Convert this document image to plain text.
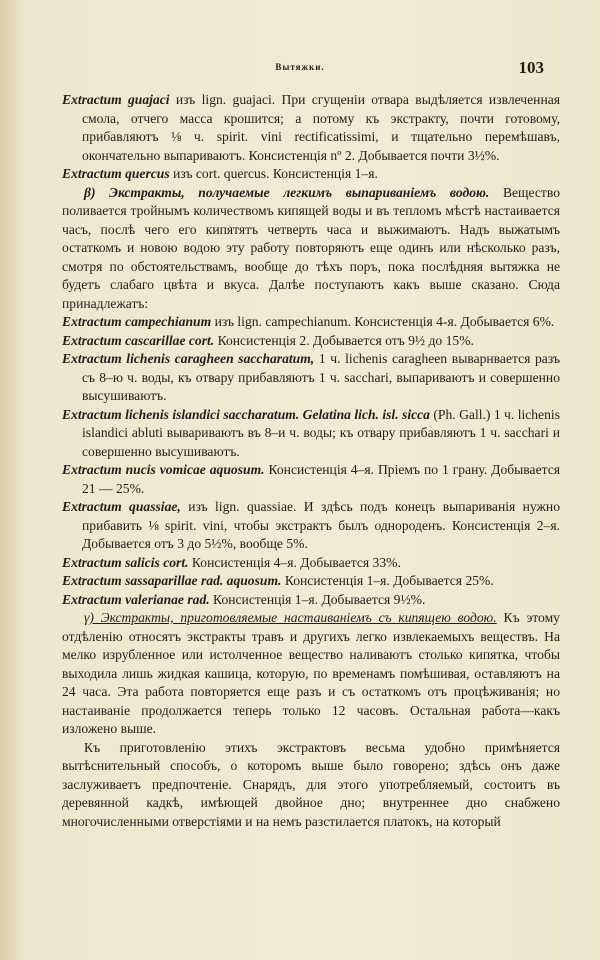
Вытяжки.	103

Extractum guajaci изъ lign. guajaci. При сгущеніи отвара выдѣляется извлеченная смола, отчего масса крошится; а потому къ экстракту, почти готовому, прибавляютъ ⅛ ч. spirit. vini rectificatissimi, и тщательно перемѣшавъ, окончательно выпариваютъ. Консистенція nº 2. Добывается почти 3½%.

Extractum quercus изъ cort. quercus. Консистенція 1–я.

β) Экстракты, получаемые легкимъ выпариваніемъ водою. Вещество поливается тройнымъ количествомъ кипящей воды и въ тепломъ мѣстѣ настаивается часъ, послѣ чего его кипятятъ четверть часа и выжимаютъ. Надъ выжатымъ остаткомъ и новою водою эту работу повторяютъ еще одинъ или нѣсколько разъ, смотря по обстоятельствамъ, вообще до тѣхъ поръ, пока послѣдняя вытяжка не будетъ слабаго цвѣта и вкуса. Далѣе поступаютъ какъ выше сказано. Сюда принадлежатъ:

Extractum campechianum изъ lign. campechianum. Консистенція 4-я. Добывается 6%.

Extractum cascarillae cort. Консистенція 2. Добывается отъ 9½ до 15%.

Extractum lichenis caragheen saccharatum, 1 ч. lichenis caragheen выварнвается разъ съ 8–ю ч. воды, къ отвару прибавляютъ 1 ч. sacchari, выпариваютъ и совершенно высушиваютъ.

Extractum lichenis islandici saccharatum. Gelatina lich. isl. sicca (Ph. Gall.) 1 ч. lichenis islandici abluti вывариваютъ въ 8–и ч. воды; къ отвару прибавляютъ 1 ч. sacchari и совершенно высушиваютъ.

Extractum nucis vomicae aquosum. Консистенція 4–я. Пріемъ по 1 грану. Добывается 21 — 25%.

Extractum quassiae, изъ lign. quassiae. И здѣсь подъ конецъ выпариванія нужно прибавить ⅛ spirit. vini, чтобы экстрактъ былъ однороденъ. Консистенція 2–я. Добывается отъ 3 до 5½%, вообще 5%.

Extractum salicis cort. Консистенція 4–я. Добывается 33%.

Extractum sassaparillae rad. aquosum. Консистенція 1–я. Добывается 25%.

Extractum valerianae rad. Консистенція 1–я. Добывается 9½%.

γ) Экстракты, приготовляемые настаиваніемъ съ кипящею водою. Къ этому отдѣленію относятъ экстракты травъ и другихъ легко извлекаемыхъ веществъ. На мелко изрубленное или истолченное вещество наливаютъ столько кипятка, чтобы выходила лишь жидкая кашица, которую, по временамъ помѣшивая, оставляютъ на 24 часа. Эта работа повторяется еще разъ и съ остаткомъ отъ процѣживанія; но настаиваніе продолжается теперь только 12 часовъ. Остальная работа—какъ изложено выше.

Къ приготовленію этихъ экстрактовъ весьма удобно примѣняется вытѣснительный способъ, о которомъ выше было говорено; здѣсь онъ даже заслуживаетъ предпочтеніе. Снарядъ, для этого употребляемый, состоитъ въ деревянной кадкѣ, имѣющей двойное дно; внутреннее дно снабжено многочисленными отверстіями и на немъ разстилается платокъ, на который
